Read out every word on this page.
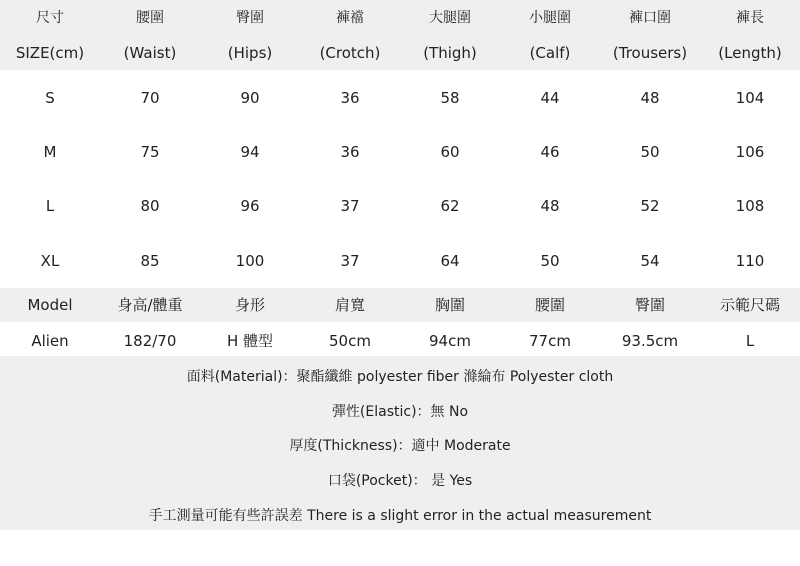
尺寸	腰圍	臀圍	褲襠	大腿圍	小腿圍	褲口圍	褲長
SIZE(cm)	(Waist)	(Hips)	(Crotch)	(Thigh)	(Calf)	(Trousers)	(Length)
S	70	90	36	58	44	48	104
M	75	94	36	60	46	50	106
L	80	96	37	62	48	52	108
XL	85	100	37	64	50	54	110
Model	身高/體重	身形	肩寬	胸圍	腰圍	臀圍	示範尺碼
Alien	182/70	H 體型	50cm	94cm	77cm	93.5cm	L
面料(Material)：聚酯纖維 polyester fiber 滌綸布 Polyester cloth
彈性(Elastic)：無 No
厚度(Thickness)：適中 Moderate
口袋(Pocket)： 是 Yes
手工測量可能有些許誤差 There is a slight error in the actual measurement
